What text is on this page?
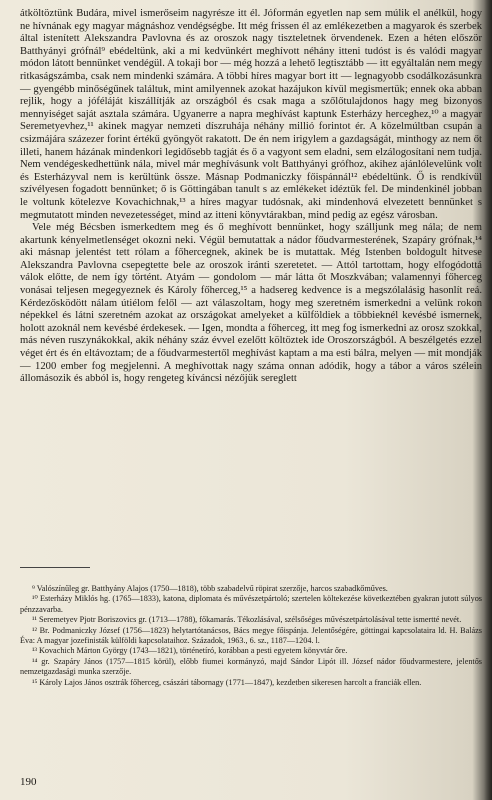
átköltöztünk Budára, mivel ismerőseim nagyrésze itt él. Jóformán egyetlen nap sem múlik el anélkül, hogy ne hívnának egy magyar mágnáshoz vendégségbe. Itt még frissen él az emlékezetben a magyarok és szerbek által istenített Alekszandra Pavlovna és az oroszok nagy tiszteletnek örvendenek. Ezen a héten először Batthyányi grófnál⁹ ebédeltünk, aki a mi kedvünkért meghívott néhány itteni tudóst is és valódi magyar módon látott bennünket vendégül. A tokaji bor — még hozzá a lehető legtisztább — itt egyáltalán nem megy ritkaságszámba, csak nem mindenki számára. A többi híres magyar bort itt — legnagyobb csodálkozásunkra — gyengébb minőségűnek találtuk, mint amilyennek azokat hazájukon kívül megismertük; ennek oka abban rejlik, hogy a jóféláját kiszállítják az országból és csak maga a szőlőtulajdonos hagy meg bizonyos mennyiséget saját asztala számára. Ugyanerre a napra meghívást kaptunk Esterházy herceghez,¹⁰ a magyar Seremetyevhez,¹¹ akinek magyar nemzeti díszruhája néhány millió forintot ér. A közelmúltban csupán a csizmájára százezer forint értékű gyöngyöt rakatott. De én nem irigylem a gazdagságát, minthogy az nem őt illeti, hanem házának mindenkori legidősebb tagját és ő a vagyont sem eladni, sem elzálogosítani nem tudja. Nem vendégeskedhettünk nála, mivel már meghívásunk volt Batthyányi grófhoz, akihez ajánlólevelünk volt és Esterházyval nem is kerültünk össze. Másnap Podmaniczky főispánnál¹² ebédeltünk. Ő is rendkívül szívélyesen fogadott bennünket; ő is Göttingában tanult s az emlékeket idéztük fel. De mindenkinél jobban le voltunk kötelezve Kovachichnak,¹³ a híres magyar tudósnak, aki mindenhová elvezetett bennünket s megmutatott minden nevezetességet, mind az itteni könyvtárakban, mind pedig az egész városban.

Vele még Bécsben ismerkedtem meg és ő meghívott bennünket, hogy szálljunk meg nála; de nem akartunk kényelmetlenséget okozni neki. Végül bemutattak a nádor főudvarmesterének, Szapáry grófnak,¹⁴ aki másnap jelentést tett rólam a főhercegnek, akinek be is mutattak. Még Istenben boldogult hitvese Alekszandra Pavlovna csepegtette bele az oroszok iránti szeretetet. — Attól tartottam, hogy elfogódottá válok előtte, de nem így történt. Atyám — gondolom — már látta őt Moszkvában; valamennyi főherceg vonásai teljesen megegyeznek és Károly főherceg,¹⁵ a hadsereg kedvence is a megszólalásig hasonlít reá. Kérdezősködött nálam útiélom felől — azt válaszoltam, hogy meg szeretném ismerkedni a velünk rokon népekkel és látni szeretném azokat az országokat amelyeket a külföldiek a többieknél kevésbé ismernek, holott azoknál nem kevésbé érdekesek. — Igen, mondta a főherceg, itt meg fog ismerkedni az orosz szokkal, más néven ruszynákokkal, akik néhány száz évvel ezelőtt költöztek ide Oroszországból. A beszélgetés ezzel véget ért és én eltávoztam; de a főudvarmestertől meghívást kaptam a ma esti bálra, melyen — mit mondják — 1200 ember fog megjelenni. A meghívottak nagy száma onnan adódik, hogy a tábor a város szélein állomásozik és abból is, hogy rengeteg kíváncsi nézőjük sereglett

⁹ Valószínűleg gr. Batthyány Alajos (1750—1818), több szabadelvű röpirat szerzője, harcos szabadkőműves.

¹⁰ Esterházy Miklós hg. (1765—1833), katona, diplomata és művészetpártoló; szertelen költekezése következtében gyakran jutott súlyos pénzzavarba.

¹¹ Seremetyev Pjotr Boriszovics gr. (1713—1788), főkamarás. Tékozlásával, szélsőséges művészetpártolásával tette ismertté nevét.

¹² Br. Podmaniczky József (1756—1823) helytartótanácsos, Bács megye főispánja. Jelentőségére, göttingai kapcsolataira ld. H. Balázs Éva: A magyar jozefinisták külföldi kapcsolataihoz. Századok, 1963., 6. sz., 1187—1204. l.

¹³ Kovachich Márton György (1743—1821), történetíró, korábban a pesti egyetem könyvtár őre.

¹⁴ gr. Szapáry János (1757—1815 körül), előbb fiumei kormányzó, majd Sándor Lipót ill. József nádor főudvarmestere, jelentős nemzetgazdasági munka szerzője.

¹⁵ Károly Lajos János osztrák főherceg, császári tábornagy (1771—1847), kezdetben sikeresen harcolt a franciák ellen.

190
